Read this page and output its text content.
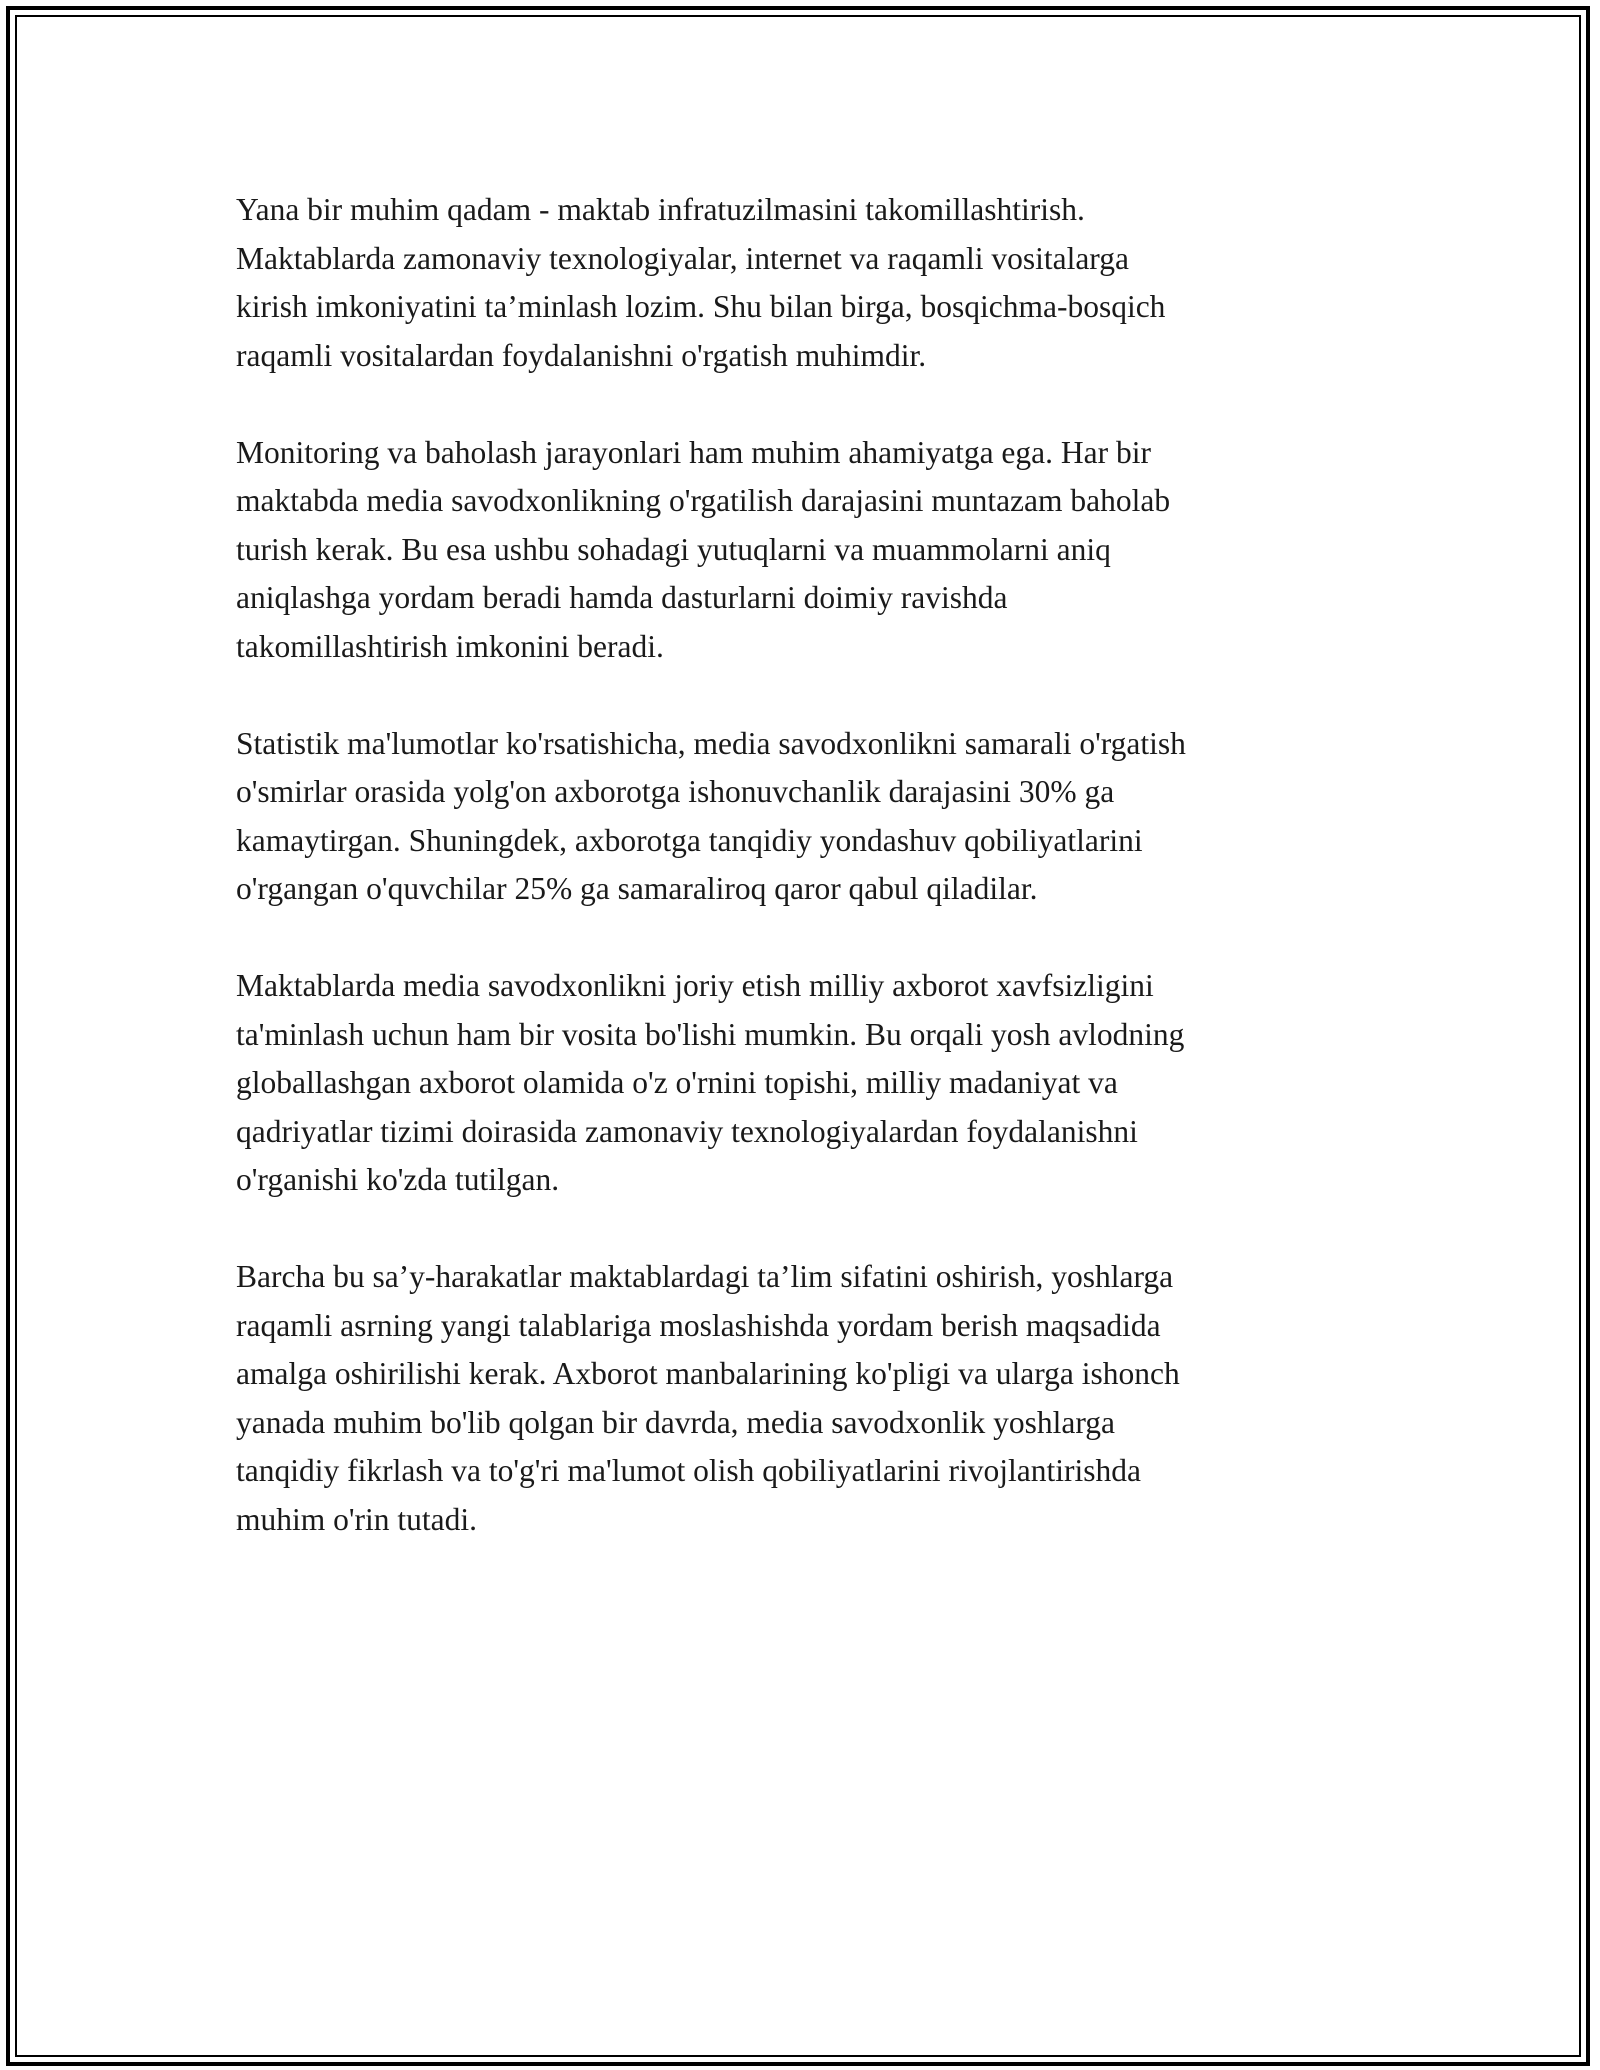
Yana bir muhim qadam - maktab infratuzilmasini takomillashtirish.
Maktablarda zamonaviy texnologiyalar, internet va raqamli vositalarga
kirish imkoniyatini ta’minlash lozim. Shu bilan birga, bosqichma-bosqich
raqamli vositalardan foydalanishni o'rgatish muhimdir.

Monitoring va baholash jarayonlari ham muhim ahamiyatga ega. Har bir
maktabda media savodxonlikning o'rgatilish darajasini muntazam baholab
turish kerak. Bu esa ushbu sohadagi yutuqlarni va muammolarni aniq
aniqlashga yordam beradi hamda dasturlarni doimiy ravishda
takomillashtirish imkonini beradi.

Statistik ma'lumotlar ko'rsatishicha, media savodxonlikni samarali o'rgatish
o'smirlar orasida yolg'on axborotga ishonuvchanlik darajasini 30% ga
kamaytirgan. Shuningdek, axborotga tanqidiy yondashuv qobiliyatlarini
o'rgangan o'quvchilar 25% ga samaraliroq qaror qabul qiladilar.

Maktablarda media savodxonlikni joriy etish milliy axborot xavfsizligini
ta'minlash uchun ham bir vosita bo'lishi mumkin. Bu orqali yosh avlodning
globallashgan axborot olamida o'z o'rnini topishi, milliy madaniyat va
qadriyatlar tizimi doirasida zamonaviy texnologiyalardan foydalanishni
o'rganishi ko'zda tutilgan.

Barcha bu sa’y-harakatlar maktablardagi ta’lim sifatini oshirish, yoshlarga
raqamli asrning yangi talablariga moslashishda yordam berish maqsadida
amalga oshirilishi kerak. Axborot manbalarining ko'pligi va ularga ishonch
yanada muhim bo'lib qolgan bir davrda, media savodxonlik yoshlarga
tanqidiy fikrlash va to'g'ri ma'lumot olish qobiliyatlarini rivojlantirishda
muhim o'rin tutadi.
